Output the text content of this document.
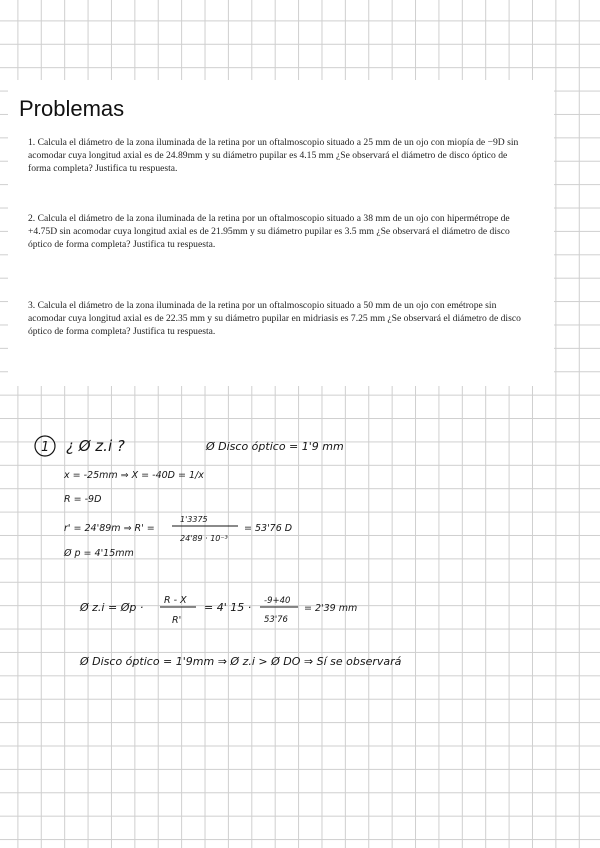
Problemas

1. Calcula el diámetro de la zona iluminada de la retina por un oftalmoscopio situado a 25 mm de un ojo con miopía de −9D sin acomodar cuya longitud axial es de 24.89mm y su diámetro pupilar es 4.15 mm ¿Se observará el diámetro de disco óptico de forma completa? Justifica tu respuesta.

2. Calcula el diámetro de la zona iluminada de la retina por un oftalmoscopio situado a 38 mm de un ojo con hipermétrope de +4.75D sin acomodar cuya longitud axial es de 21.95mm y su diámetro pupilar es 3.5 mm ¿Se observará el diámetro de disco óptico de forma completa? Justifica tu respuesta.

3. Calcula el diámetro de la zona iluminada de la retina por un oftalmoscopio situado a 50 mm de un ojo con emétrope sin acomodar cuya longitud axial es de 22.35 mm y su diámetro pupilar en midriasis es 7.25 mm ¿Se observará el diámetro de disco óptico de forma completa? Justifica tu respuesta.

1 ¿ Ø z.i ?	Ø Disco óptico = 1'9 mm
x = -25mm ⇒ X = -40D = 1/x
R = -9D
r' = 24'89m ⇒ R' =
1'3375
24'89 · 10⁻³
= 53'76 D
Ø p = 4'15mm
Ø z.i = Øp ·
R - X
R'
= 4' 15 · -9+40
53'76
= 2'39 mm
Ø Disco óptico = 1'9mm ⇒ Ø z.i > Ø DO ⇒ Sí se observará
